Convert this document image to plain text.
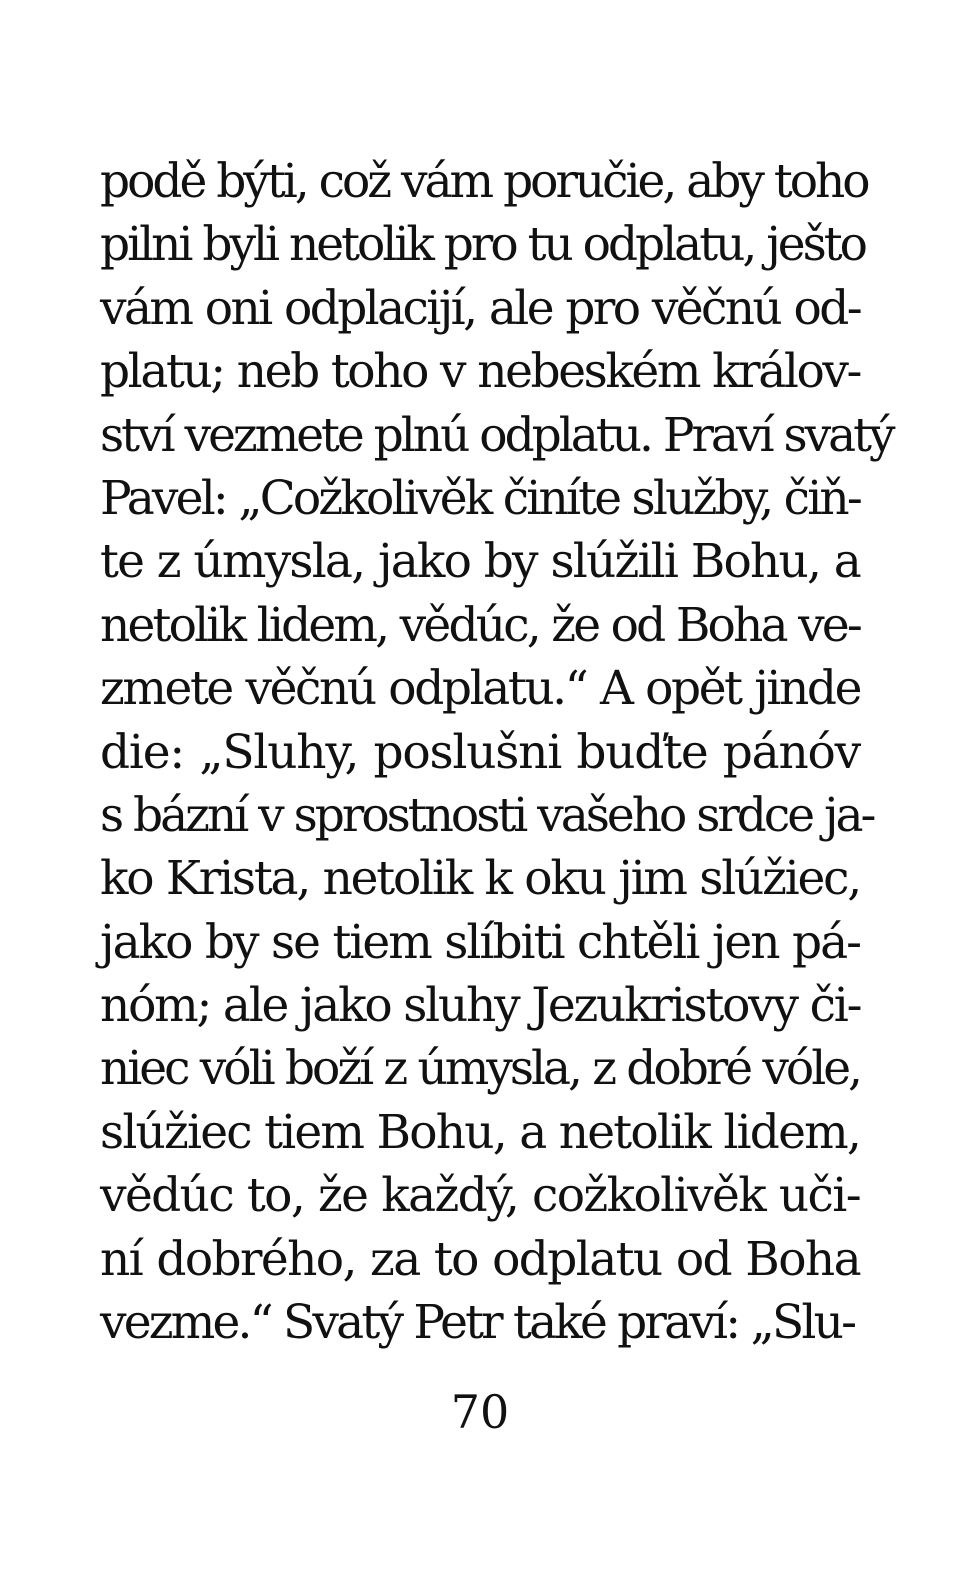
podě býti, což vám poručie, aby toho
pilni byli netolik pro tu odplatu, ješto
vám oni odplacijí, ale pro věčnú od-
platu; neb toho v nebeském králov-
ství vezmete plnú odplatu. Praví svatý
Pavel: „Cožkolivěk činíte služby, čiň-
te z úmysla, jako by slúžili Bohu, a
netolik lidem, vědúc, že od Boha ve-
zmete věčnú odplatu.“ A opět jinde
die: „Sluhy, poslušni buďte pánóv
s bázní v sprostnosti vašeho srdce ja-
ko Krista, netolik k oku jim slúžiec,
jako by se tiem slíbiti chtěli jen pá-
nóm; ale jako sluhy Jezukristovy či-
niec vóli boží z úmysla, z dobré vóle,
slúžiec tiem Bohu, a netolik lidem,
vědúc to, že každý, cožkolivěk uči-
ní dobrého, za to odplatu od Boha
vezme.“ Svatý Petr také praví: „Slu-
70
